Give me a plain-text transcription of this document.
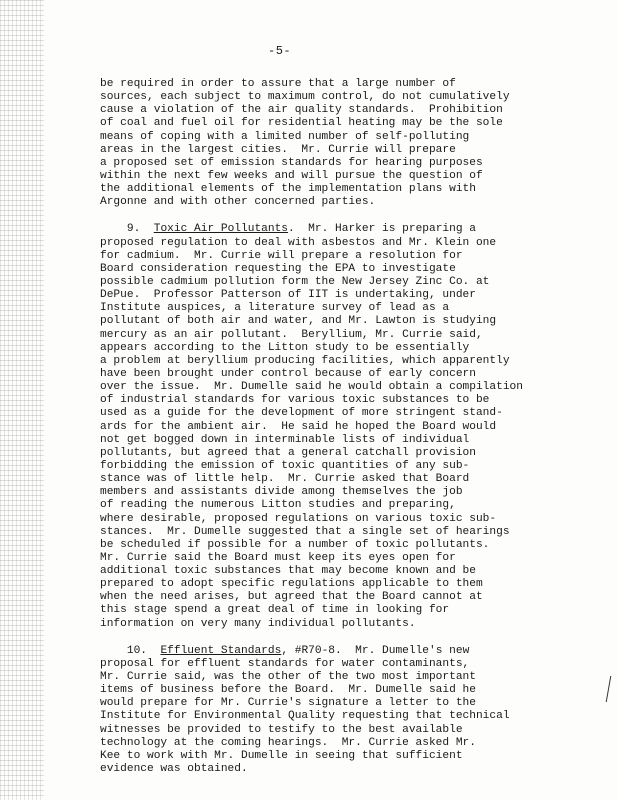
-5-
be required in order to assure that a large number of
sources, each subject to maximum control, do not cumulatively
cause a violation of the air quality standards.  Prohibition
of coal and fuel oil for residential heating may be the sole
means of coping with a limited number of self-polluting
areas in the largest cities.  Mr. Currie will prepare
a proposed set of emission standards for hearing purposes
within the next few weeks and will pursue the question of
the additional elements of the implementation plans with
Argonne and with other concerned parties.
9. Toxic Air Pollutants.  Mr. Harker is preparing a
proposed regulation to deal with asbestos and Mr. Klein one
for cadmium.  Mr. Currie will prepare a resolution for
Board consideration requesting the EPA to investigate
possible cadmium pollution form the New Jersey Zinc Co. at
DePue.  Professor Patterson of IIT is undertaking, under
Institute auspices, a literature survey of lead as a
pollutant of both air and water, and Mr. Lawton is studying
mercury as an air pollutant.  Beryllium, Mr. Currie said,
appears according to the Litton study to be essentially
a problem at beryllium producing facilities, which apparently
have been brought under control because of early concern
over the issue.  Mr. Dumelle said he would obtain a compilation
of industrial standards for various toxic substances to be
used as a guide for the development of more stringent stand-
ards for the ambient air.  He said he hoped the Board would
not get bogged down in interminable lists of individual
pollutants, but agreed that a general catchall provision
forbidding the emission of toxic quantities of any sub-
stance was of little help.  Mr. Currie asked that Board
members and assistants divide among themselves the job
of reading the numerous Litton studies and preparing,
where desirable, proposed regulations on various toxic sub-
stances.  Mr. Dumelle suggested that a single set of hearings
be scheduled if possible for a number of toxic pollutants.
Mr. Currie said the Board must keep its eyes open for
additional toxic substances that may become known and be
prepared to adopt specific regulations applicable to them
when the need arises, but agreed that the Board cannot at
this stage spend a great deal of time in looking for
information on very many individual pollutants.
10. Effluent Standards, #R70-8.  Mr. Dumelle's new
proposal for effluent standards for water contaminants,
Mr. Currie said, was the other of the two most important
items of business before the Board.  Mr. Dumelle said he
would prepare for Mr. Currie's signature a letter to the
Institute for Environmental Quality requesting that technical
witnesses be provided to testify to the best available
technology at the coming hearings.  Mr. Currie asked Mr.
Kee to work with Mr. Dumelle in seeing that sufficient
evidence was obtained.
